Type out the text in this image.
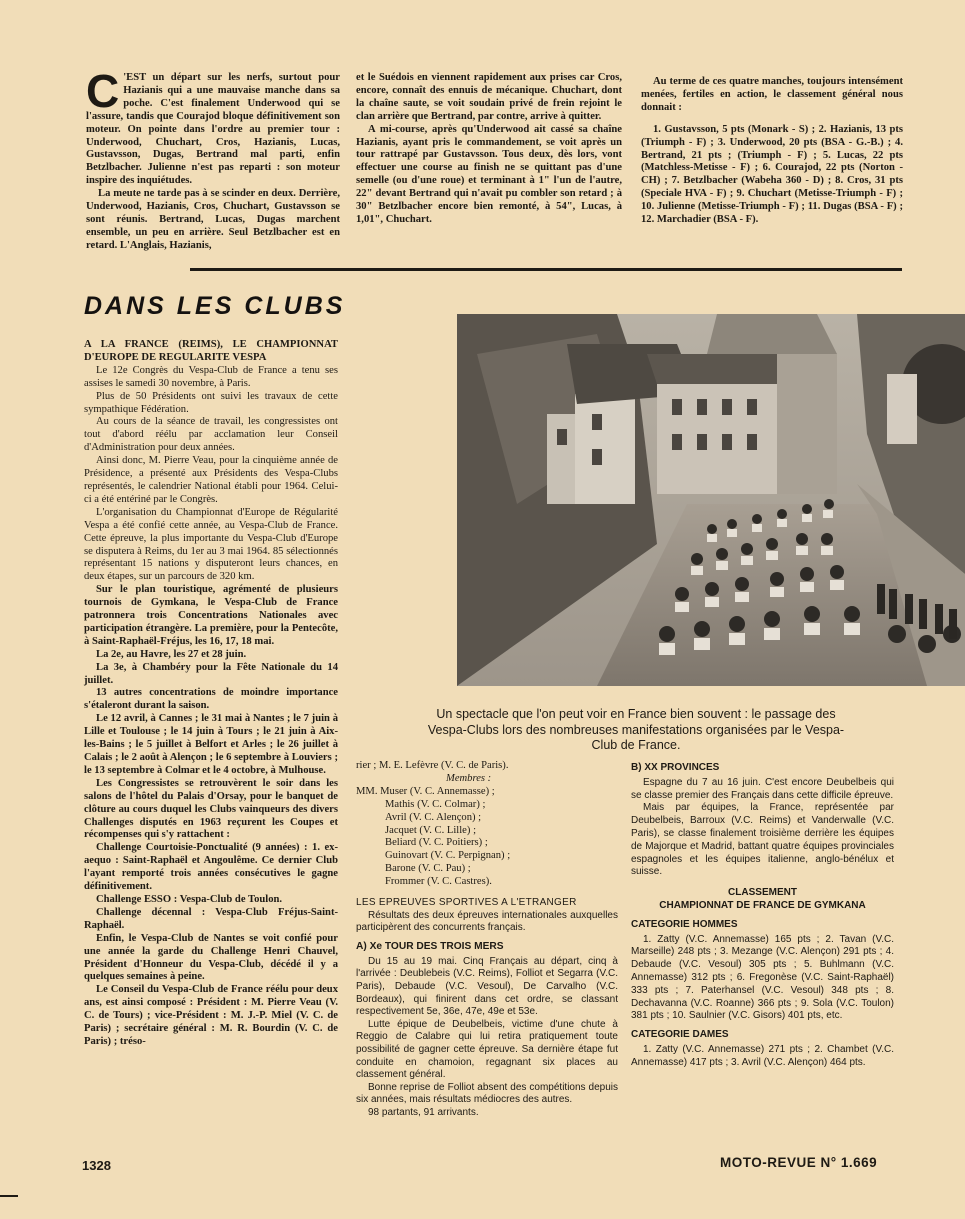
C 'EST un départ sur les nerfs, surtout pour Hazianis qui a une mauvaise manche dans sa poche. C'est finalement Underwood qui se l'assure, tandis que Courajod bloque définitivement son moteur. On pointe dans l'ordre au premier tour : Underwood, Chuchart, Cros, Hazianis, Lucas, Gustavsson, Dugas, Bertrand mal parti, enfin Betzlbacher. Julienne n'est pas reparti : son moteur inspire des inquiétudes.

La meute ne tarde pas à se scinder en deux. Derrière, Underwood, Hazianis, Cros, Chuchart, Gustavsson se sont réunis. Bertrand, Lucas, Dugas marchent ensemble, un peu en arrière. Seul Betzlbacher est en retard. L'Anglais, Hazianis,

et le Suédois en viennent rapidement aux prises car Cros, encore, connaît des ennuis de mécanique. Chuchart, dont la chaîne saute, se voit soudain privé de frein rejoint le clan arrière que Bertrand, par contre, arrive à quitter.

A mi-course, après qu'Underwood ait cassé sa chaîne Hazianis, ayant pris le commandement, se voit après un tour rattrapé par Gustavsson. Tous deux, dès lors, vont effectuer une course au finish ne se quittant pas d'une semelle (ou d'une roue) et terminant à 1" l'un de l'autre, 22" devant Bertrand qui n'avait pu combler son retard ; à 30" Betzlbacher encore bien remonté, à 54", Lucas, à 1,01", Chuchart.

Au terme de ces quatre manches, toujours intensément menées, fertiles en action, le classement général nous donnait :

1. Gustavsson, 5 pts (Monark - S) ; 2. Hazianis, 13 pts (Triumph - F) ; 3. Underwood, 20 pts (BSA - G.-B.) ; 4. Bertrand, 21 pts ; (Triumph - F) ; 5. Lucas, 22 pts (Matchless-Metisse - F) ; 6. Courajod, 22 pts (Norton - CH) ; 7. Betzlbacher (Wabeha 360 - D) ; 8. Cros, 31 pts (Speciale HVA - F) ; 9. Chuchart (Metisse-Triumph - F) ; 10. Julienne (Metisse-Triumph - F) ; 11. Dugas (BSA - F) ; 12. Marchadier (BSA - F).

DANS LES CLUBS
Un spectacle que l'on peut voir en France bien souvent : le passage des Vespa-Clubs lors des nombreuses manifestations organisées par le Vespa-Club de France.

A LA FRANCE (REIMS), LE CHAMPIONNAT D'EUROPE DE REGULARITE VESPA

Le 12e Congrès du Vespa-Club de France a tenu ses assises le samedi 30 novembre, à Paris.

Plus de 50 Présidents ont suivi les travaux de cette sympathique Fédération.

Au cours de la séance de travail, les congressistes ont tout d'abord réélu par acclamation leur Conseil d'Administration pour deux années.

Ainsi donc, M. Pierre Veau, pour la cinquième année de Présidence, a présenté aux Présidents des Vespa-Clubs représentés, le calendrier National établi pour 1964. Celui-ci a été entériné par le Congrès.

L'organisation du Championnat d'Europe de Régularité Vespa a été confié cette année, au Vespa-Club de France. Cette épreuve, la plus importante du Vespa-Club d'Europe se disputera à Reims, du 1er au 3 mai 1964. 85 sélectionnés représentant 15 nations y disputeront leurs chances, en deux étapes, sur un parcours de 320 km.

Sur le plan touristique, agrémenté de plusieurs tournois de Gymkana, le Vespa-Club de France patronnera trois Concentrations Nationales avec participation étrangère. La première, pour la Pentecôte, à Saint-Raphaël-Fréjus, les 16, 17, 18 mai.

La 2e, au Havre, les 27 et 28 juin.

La 3e, à Chambéry pour la Fête Nationale du 14 juillet.

13 autres concentrations de moindre importance s'étaleront durant la saison.

Le 12 avril, à Cannes ; le 31 mai à Nantes ; le 7 juin à Lille et Toulouse ; le 14 juin à Tours ; le 21 juin à Aix-les-Bains ; le 5 juillet à Belfort et Arles ; le 26 juillet à Calais ; le 2 août à Alençon ; le 6 septembre à Louviers ; le 13 septembre à Colmar et le 4 octobre, à Mulhouse.

Les Congressistes se retrouvèrent le soir dans les salons de l'hôtel du Palais d'Orsay, pour le banquet de clôture au cours duquel les Clubs vainqueurs des divers Challenges disputés en 1963 reçurent les Coupes et récompenses qui s'y rattachent :

Challenge Courtoisie-Ponctualité (9 années) : 1. ex-aequo : Saint-Raphaël et Angoulême. Ce dernier Club l'ayant remporté trois années consécutives le gagne définitivement.

Challenge ESSO : Vespa-Club de Toulon.

Challenge décennal : Vespa-Club Fréjus-Saint-Raphaël.

Enfin, le Vespa-Club de Nantes se voit confié pour une année la garde du Challenge Henri Chauvel, Président d'Honneur du Vespa-Club, décédé il y a quelques semaines à peine.

Le Conseil du Vespa-Club de France réélu pour deux ans, est ainsi composé : Président : M. Pierre Veau (V. C. de Tours) ; vice-Président : M. J.-P. Miel (V. C. de Paris) ; secrétaire général : M. R. Bourdin (V. C. de Paris) ; tréso-

rier ; M. E. Lefèvre (V. C. de Paris).

Membres :

MM. Muser (V. C. Annemasse) ;

Mathis (V. C. Colmar) ;

Avril (V. C. Alençon) ;

Jacquet (V. C. Lille) ;

Beliard (V. C. Poitiers) ;

Guinovart (V. C. Perpignan) ;

Barone (V. C. Pau) ;

Frommer (V. C. Castres).

LES EPREUVES SPORTIVES A L'ETRANGER

Résultats des deux épreuves internationales auxquelles participèrent des concurrents français.

A) Xe TOUR DES TROIS MERS

Du 15 au 19 mai. Cinq Français au départ, cinq à l'arrivée : Deublebeis (V.C. Reims), Folliot et Segarra (V.C. Paris), Debaude (V.C. Vesoul), De Carvalho (V.C. Bordeaux), qui finirent dans cet ordre, se classant respectivement 5e, 36e, 47e, 49e et 53e.

Lutte épique de Deubelbeis, victime d'une chute à Reggio de Calabre qui lui retira pratiquement toute possibilité de gagner cette épreuve. Sa dernière étape fut conduite en chamoion, regagnant six places au classement général.

Bonne reprise de Folliot absent des compétitions depuis six années, mais résultats médiocres des autres.

98 partants, 91 arrivants.

B) XX PROVINCES

Espagne du 7 au 16 juin. C'est encore Deubelbeis qui se classe premier des Français dans cette difficile épreuve.

Mais par équipes, la France, représentée par Deubelbeis, Barroux (V.C. Reims) et Vanderwalle (V.C. Paris), se classe finalement troisième derrière les équipes de Majorque et Madrid, battant quatre équipes provinciales espagnoles et les équipes italienne, anglo-bénélux et suisse.

CLASSEMENT

CHAMPIONNAT DE FRANCE DE GYMKANA

CATEGORIE HOMMES

1. Zatty (V.C. Annemasse) 165 pts ; 2. Tavan (V.C. Marseille) 248 pts ; 3. Mezange (V.C. Alençon) 291 pts ; 4. Debaude (V.C. Vesoul) 305 pts ; 5. Buhlmann (V.C. Annemasse) 312 pts ; 6. Fregonèse (V.C. Saint-Raphaël) 333 pts ; 7. Paterhansel (V.C. Vesoul) 348 pts ; 8. Dechavanna (V.C. Roanne) 366 pts ; 9. Sola (V.C. Toulon) 381 pts ; 10. Saulnier (V.C. Gisors) 401 pts, etc.

CATEGORIE DAMES

1. Zatty (V.C. Annemasse) 271 pts ; 2. Chambet (V.C. Annemasse) 417 pts ; 3. Avril (V.C. Alençon) 464 pts.

1328	MOTO-REVUE N° 1.669
